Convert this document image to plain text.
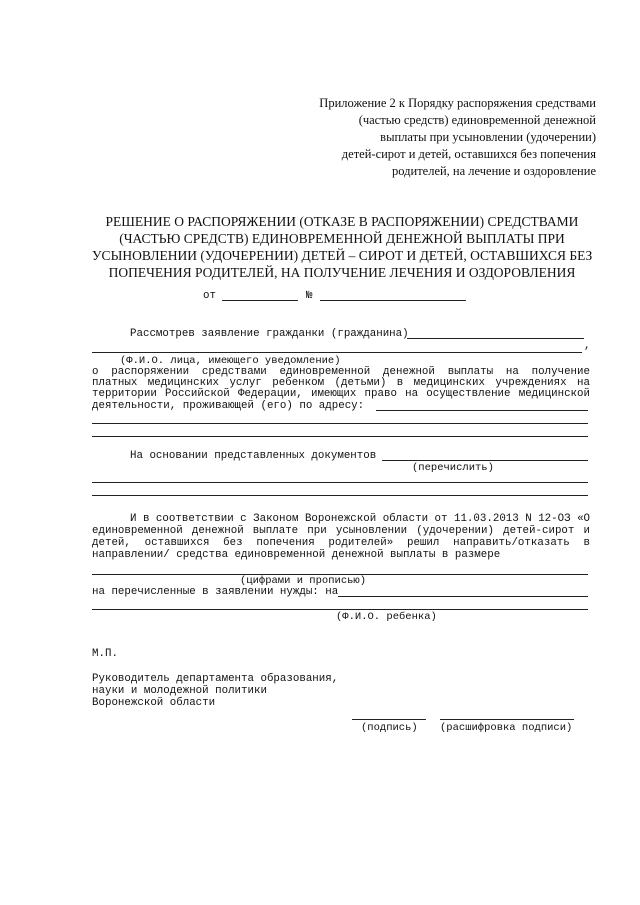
Приложение 2 к Порядку распоряжения средствами
(частью средств) единовременной денежной
выплаты при усыновлении (удочерении)
детей-сирот и детей, оставшихся без попечения
родителей, на лечение и оздоровление
РЕШЕНИЕ О РАСПОРЯЖЕНИИ (ОТКАЗЕ В РАСПОРЯЖЕНИИ) СРЕДСТВАМИ
(ЧАСТЬЮ СРЕДСТВ) ЕДИНОВРЕМЕННОЙ ДЕНЕЖНОЙ ВЫПЛАТЫ ПРИ
УСЫНОВЛЕНИИ (УДОЧЕРЕНИИ) ДЕТЕЙ – СИРОТ И ДЕТЕЙ, ОСТАВШИХСЯ БЕЗ
ПОПЕЧЕНИЯ РОДИТЕЛЕЙ, НА ПОЛУЧЕНИЕ ЛЕЧЕНИЯ И ОЗДОРОВЛЕНИЯ
от	№
Рассмотрев заявление гражданки (гражданина)
,
(Ф.И.О. лица, имеющего уведомление)
о распоряжении средствами единовременной денежной выплаты на получение
платных медицинских услуг ребенком (детьми) в медицинских учреждениях на
территории Российской Федерации, имеющих право на осуществление медицинской
деятельности, проживающей (его) по адресу:
На основании представленных документов
(перечислить)
И в соответствии с Законом Воронежской области от 11.03.2013 N 12-ОЗ «О
единовременной денежной выплате при усыновлении (удочерении) детей-сирот и
детей, оставшихся без попечения родителей» решил направить/отказать в
направлении/ средства единовременной денежной выплаты в размере
(цифрами и прописью)
на перечисленные в заявлении нужды: на
(Ф.И.О. ребенка)
М.П.
Руководитель департамента образования,
науки и молодежной политики
Воронежской области
(подпись) (расшифровка подписи)
